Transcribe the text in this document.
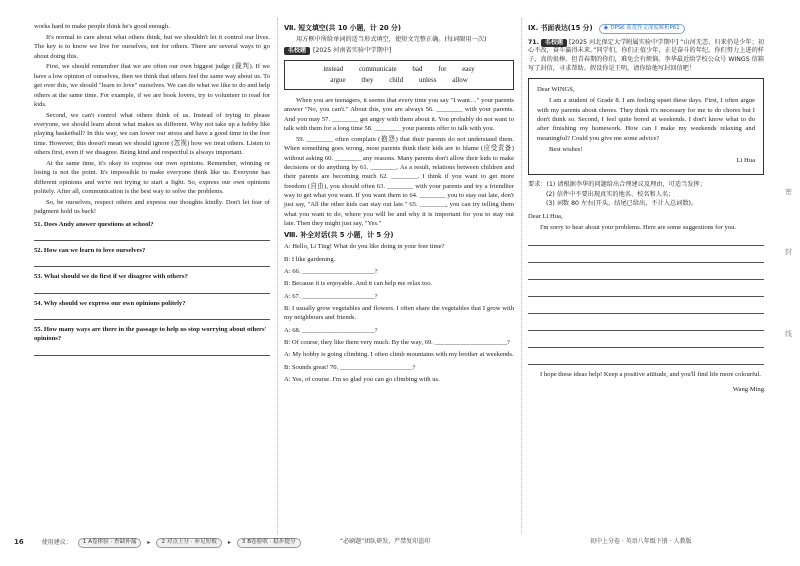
works hard to make people think he's good enough.
It's normal to care about what others think, but we shouldn't let it control our lives. The key is to know we live for ourselves, not for others. There are several ways to go about doing this.
First, we should remember that we are often our own biggest judge (裁判). If we have a low opinion of ourselves, then we think that others feel the same way about us. To get over this, we should "learn to love" ourselves. We can do what we like to do and help others at the same time. For example, if we are book lovers, try to volunteer to read for kids.
Second, we can't control what others think of us. Instead of trying to please everyone, we should learn about what makes us different. Why not take up a hobby like playing basketball? In this way, we can lower our stress and have a good time in the free time. However, this doesn't mean we should ignore (忽视) how we treat others. Listen to others first, even if we disagree. Being kind and respectful is always important.
At the same time, it's okay to express our own opinions. Remember, winning or losing is not the point. It's impossible to make everyone think like us. Everyone has different opinions and we're not trying to start a fight. So, express our own opinions politely. After all, communication is the best way to solve the problems.
So, be ourselves, respect others and express our thoughts kindly. Don't let fear of judgment hold us back!
51. Does Andy answer questions at school?
52. How can we learn to love ourselves?
53. What should we do first if we disagree with others?
54. Why should we express our own opinions politely?
55. How many ways are there in the passage to help us stop worrying about others' opinions?
Ⅶ. 短文填空(共 10 小题，计 20 分)
用方框中所给单词的适当形式填空，使短文完整正确。(每词限用一次)
名校题	[2025 河南省实验中学期中]
instead communicate bad for easy
argue they child unless allow
When you are teenagers, it seems that every time you say "I want…" your parents answer "No, you can't." About this, you are always 56. ________ with your parents. And you may 57. ________ get angry with them about it. You probably do not want to talk with them for a long time 58. ________ your parents offer to talk with you.
59. ________ often complain (抱怨) that their parents do not understand them. When something goes wrong, most parents think their kids are to blame (应受责备) without asking 60. ________ any reasons. Many parents don't allow their kids to make decisions or do anything by 61. ________. As a result, relations between children and their parents are becoming much 62. ________. I think if you want to get more freedom (自由), you should often 63. ________ with your parents and try a friendlier way to get what you want. If you want them to 64. ________ you to stay out late, don't just say, "All the other kids can stay out late." 65. ________, you can try telling them what you want to do, where you will be and why it is important for you to stay out late. Then they might just say, "Yes."
Ⅷ. 补全对话(共 5 小题，计 5 分)
A: Hello, Li Ting! What do you like doing in your free time?
B: I like gardening.
A: 66. ______________________?
B: Because it is enjoyable. And it can help me relax too.
A: 67. ______________________?
B: I usually grow vegetables and flowers. I often share the vegetables that I grow with my neighbours and friends.
A: 68. ______________________?
B: Of course, they like them very much. By the way, 69. ______________________?
A: My hobby is going climbing. I often climb mountains with my brother at weekends.
B: Sounds great! 70. ______________________?
A: Yes, of course. I'm so glad you can go climbing with us.
Ⅸ. 书面表达(15 分) ◉ DPSK 蓝优作文深度解析P61
71. 名校题 [2025 河北保定大学附属实验中学期中] “山河无恙，归来仍是少年；初心不改，奋斗赢得未来。”同学们，你们正值少年，正是奋斗的年纪。你们努力上进的样子，真的很棒。但青春期的你们，难免会有烦恼。李华最近给学校公众号 WINGS 信箱写了封信，寻求帮助。假设你是王明，请你给他写封回信吧！
Dear WINGS,
I am a student of Grade 8. I am feeling upset these days. First, I often argue with my parents about chores. They think it's necessary for me to do chores but I don't think so. Second, I feel quite bored at weekends. I don't know what to do after finishing my homework. How can I make my weekends relaxing and meaningful? Could you give me some advice?
Best wishes!
Li Hua
要求：(1) 请根据李华的问题给出合理建议及理由，可适当发挥；
(2) 信件中不要出现真实的地名、校名和人名；
(3) 词数 80 左右(开头、结尾已给出，不计入总词数)。
Dear Li Hua,
I'm sorry to hear about your problems. Here are some suggestions for you.
I hope these ideas help! Keep a positive attitude, and you'll find life more colourful.
Wang Ming
密
封
线
16	使用建议：	1 A卷体验 · 查缺补漏	▸	2 对点上分 · 补足短板	▸	3 B卷验收 · 稳步提分	“必刷题”团队研发，严禁复印盗印	初中上分卷 · 英语八年级下册 · 人教版
